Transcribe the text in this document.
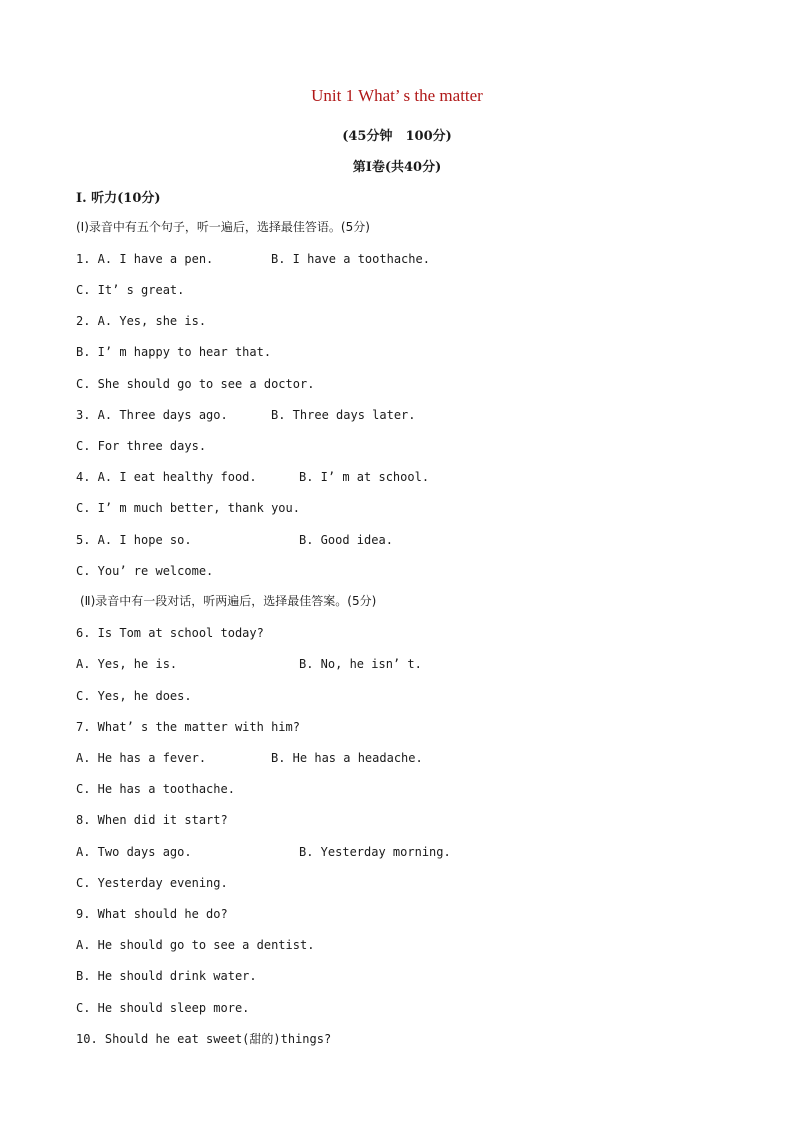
Unit 1 What’ s the matter
(45分钟　100分)
第Ⅰ卷(共40分)
Ⅰ. 听力(10分)
(Ⅰ)录音中有五个句子，听一遍后，选择最佳答语。(5分)
1. A. I have a pen.	B. I have a toothache.
C. It’ s great.
2. A. Yes, she is.
B. I’ m happy to hear that.
C. She should go to see a doctor.
3. A. Three days ago.	B. Three days later.
C. For three days.
4. A. I eat healthy food.	B. I’ m at school.
C. I’ m much better, thank you.
5. A. I hope so.	B. Good idea.
C. You’ re welcome.
(Ⅱ)录音中有一段对话，听两遍后，选择最佳答案。(5分)
6. Is Tom at school today?
A. Yes, he is.	B. No, he isn’ t.
C. Yes, he does.
7. What’ s the matter with him?
A. He has a fever.	B. He has a headache.
C. He has a toothache.
8. When did it start?
A. Two days ago.	B. Yesterday morning.
C. Yesterday evening.
9. What should he do?
A. He should go to see a dentist.
B. He should drink water.
C. He should sleep more.
10. Should he eat sweet(甜的)things?
